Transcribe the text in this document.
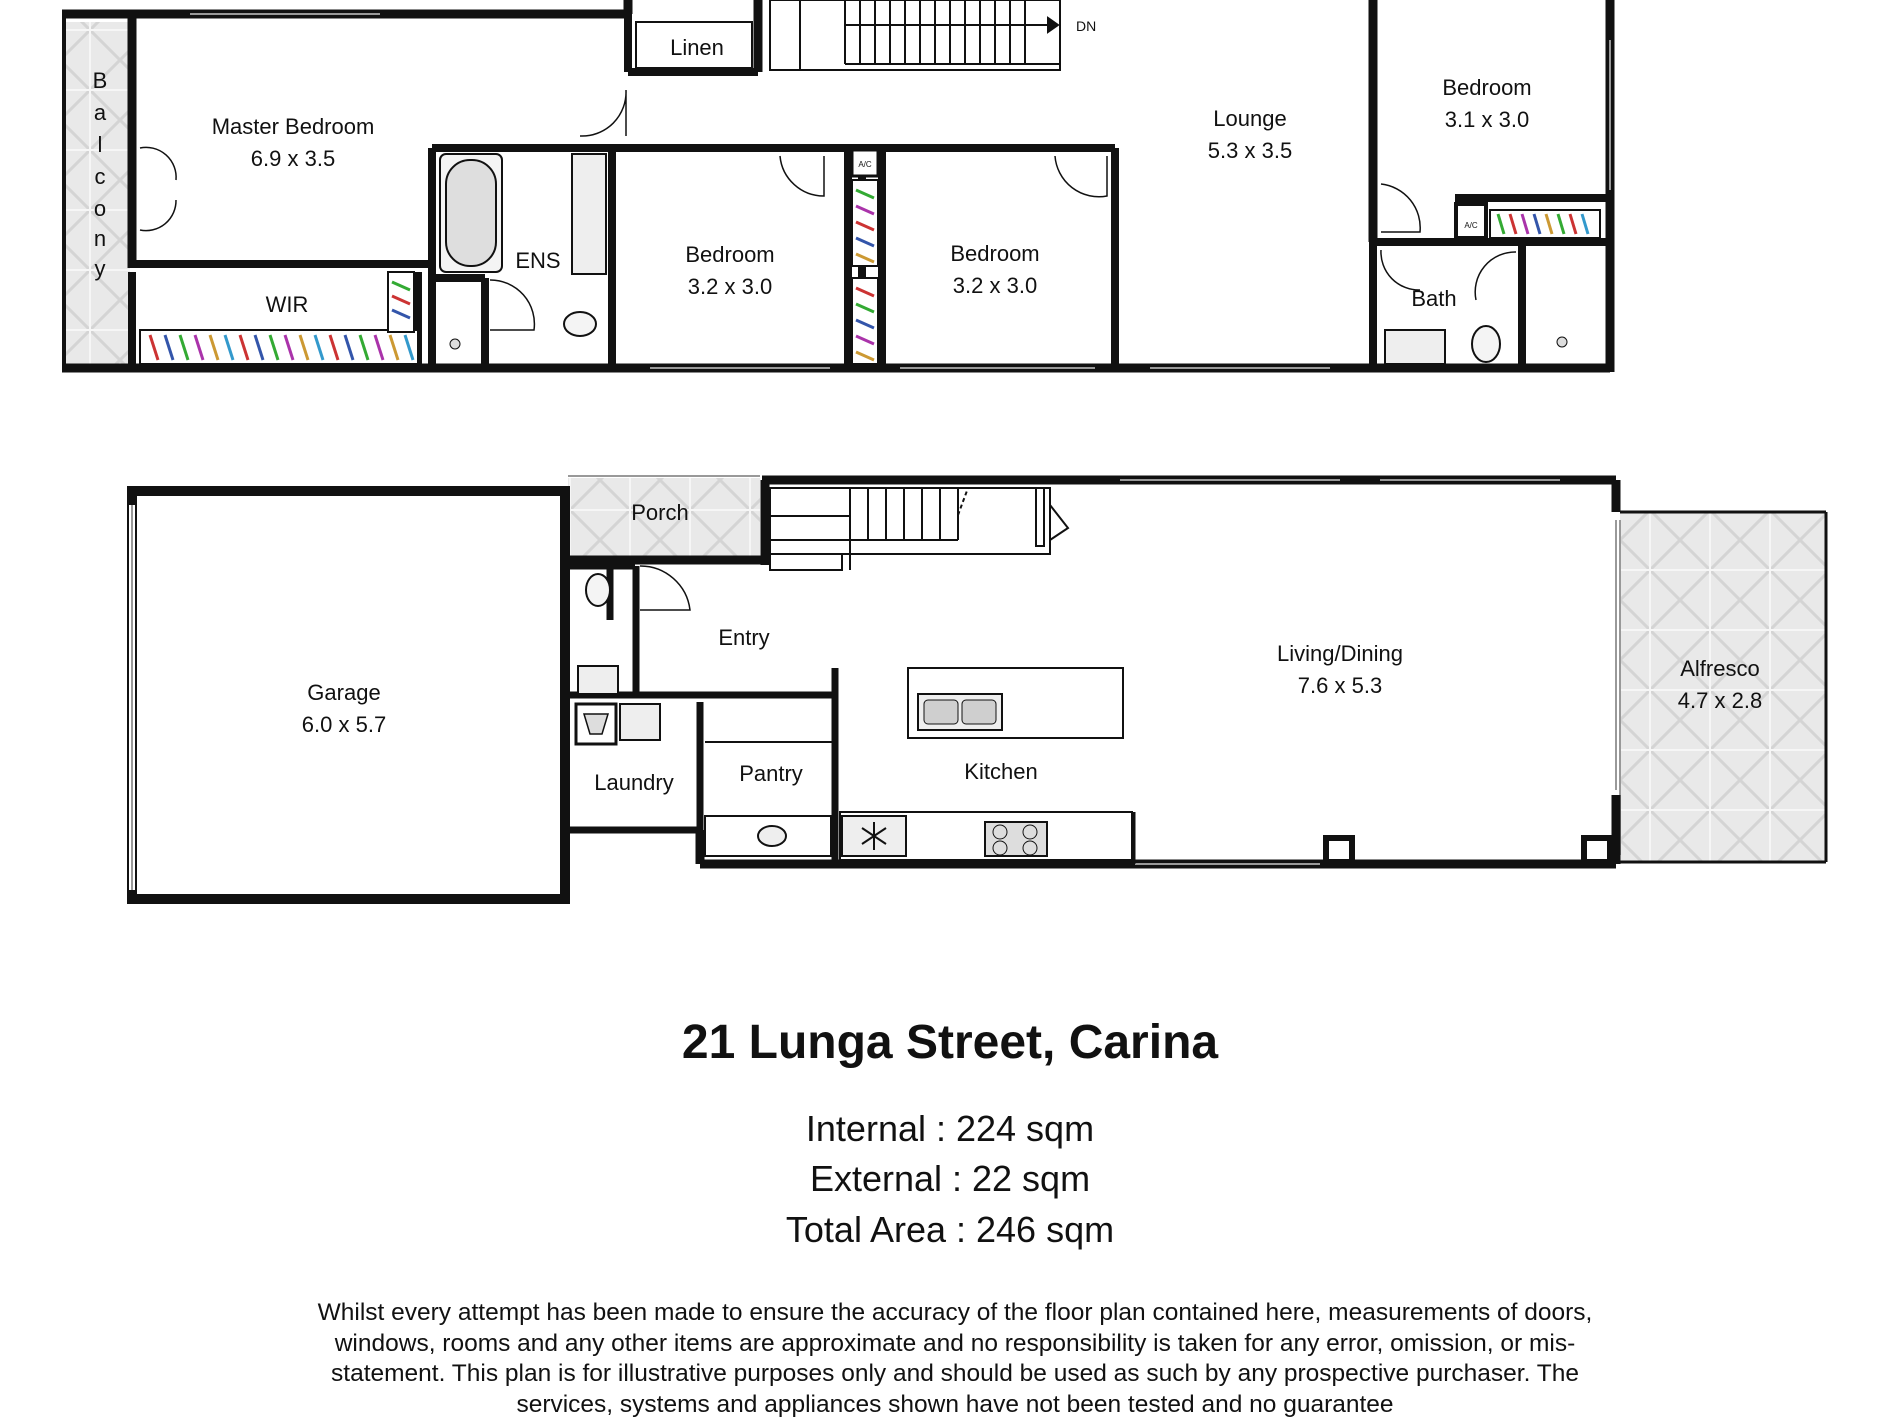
A/C
A/C
B
a
l
c
o
n
y
Master Bedroom
6.9 x 3.5
Linen
ENS
WIR
Bedroom
3.2 x 3.0
Bedroom
3.2 x 3.0
Lounge
5.3 x 3.5
Bedroom
3.1 x 3.0
Bath
DN
Porch
Garage
6.0 x 5.7
Entry
Living/Dining
7.6 x 5.3
Alfresco
4.7 x 2.8
Laundry	Pantry	Kitchen
21 Lunga Street, Carina
Internal : 224 sqm
External : 22 sqm
Total Area : 246 sqm
Whilst every attempt has been made to ensure the accuracy of the floor plan contained here, measurements of doors, windows, rooms and any other items are approximate and no responsibility is taken for any error, omission, or mis-statement. This plan is for illustrative purposes only and should be used as such by any prospective purchaser. The services, systems and appliances shown have not been tested and no guarantee
